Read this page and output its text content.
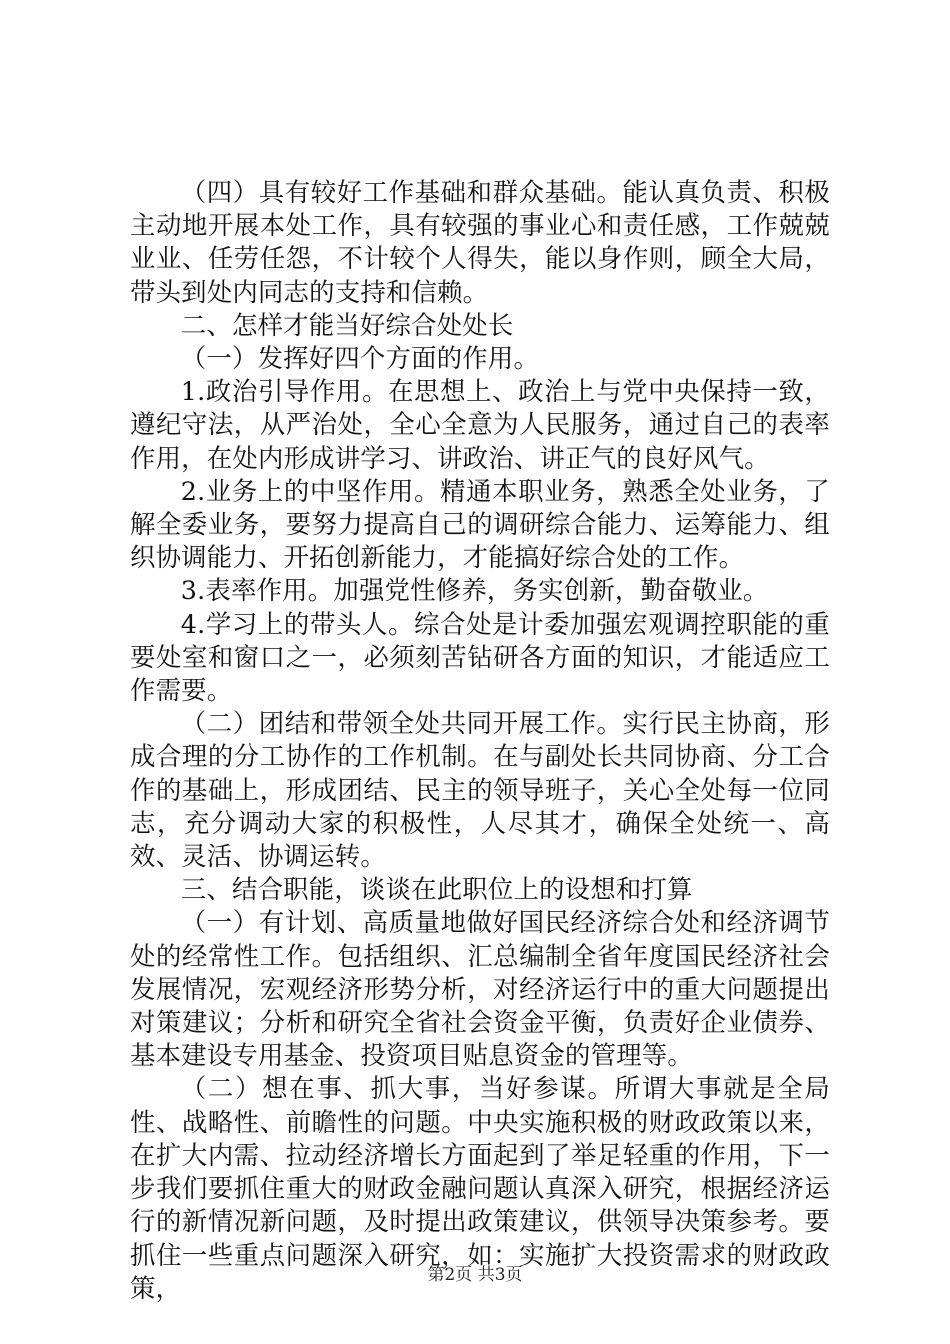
（四）具有较好工作基础和群众基础。能认真负责、积极主动地开展本处工作，具有较强的事业心和责任感，工作兢兢业业、任劳任怨，不计较个人得失，能以身作则，顾全大局，带头到处内同志的支持和信赖。

二、怎样才能当好综合处处长

（一）发挥好四个方面的作用。

1.政治引导作用。在思想上、政治上与党中央保持一致，遵纪守法，从严治处，全心全意为人民服务，通过自己的表率作用，在处内形成讲学习、讲政治、讲正气的良好风气。

2.业务上的中坚作用。精通本职业务，熟悉全处业务，了解全委业务，要努力提高自己的调研综合能力、运筹能力、组织协调能力、开拓创新能力，才能搞好综合处的工作。

3.表率作用。加强党性修养，务实创新，勤奋敬业。

4.学习上的带头人。综合处是计委加强宏观调控职能的重要处室和窗口之一，必须刻苦钻研各方面的知识，才能适应工作需要。

（二）团结和带领全处共同开展工作。实行民主协商，形成合理的分工协作的工作机制。在与副处长共同协商、分工合作的基础上，形成团结、民主的领导班子，关心全处每一位同志，充分调动大家的积极性，人尽其才，确保全处统一、高效、灵活、协调运转。

三、结合职能，谈谈在此职位上的设想和打算

（一）有计划、高质量地做好国民经济综合处和经济调节处的经常性工作。包括组织、汇总编制全省年度国民经济社会发展情况，宏观经济形势分析，对经济运行中的重大问题提出对策建议；分析和研究全省社会资金平衡，负责好企业债券、基本建设专用基金、投资项目贴息资金的管理等。

（二）想在事、抓大事，当好参谋。所谓大事就是全局性、战略性、前瞻性的问题。中央实施积极的财政政策以来，在扩大内需、拉动经济增长方面起到了举足轻重的作用，下一步我们要抓住重大的财政金融问题认真深入研究，根据经济运行的新情况新问题，及时提出政策建议，供领导决策参考。要抓住一些重点问题深入研究，如：实施扩大投资需求的财政政策，	第2页 共3页
